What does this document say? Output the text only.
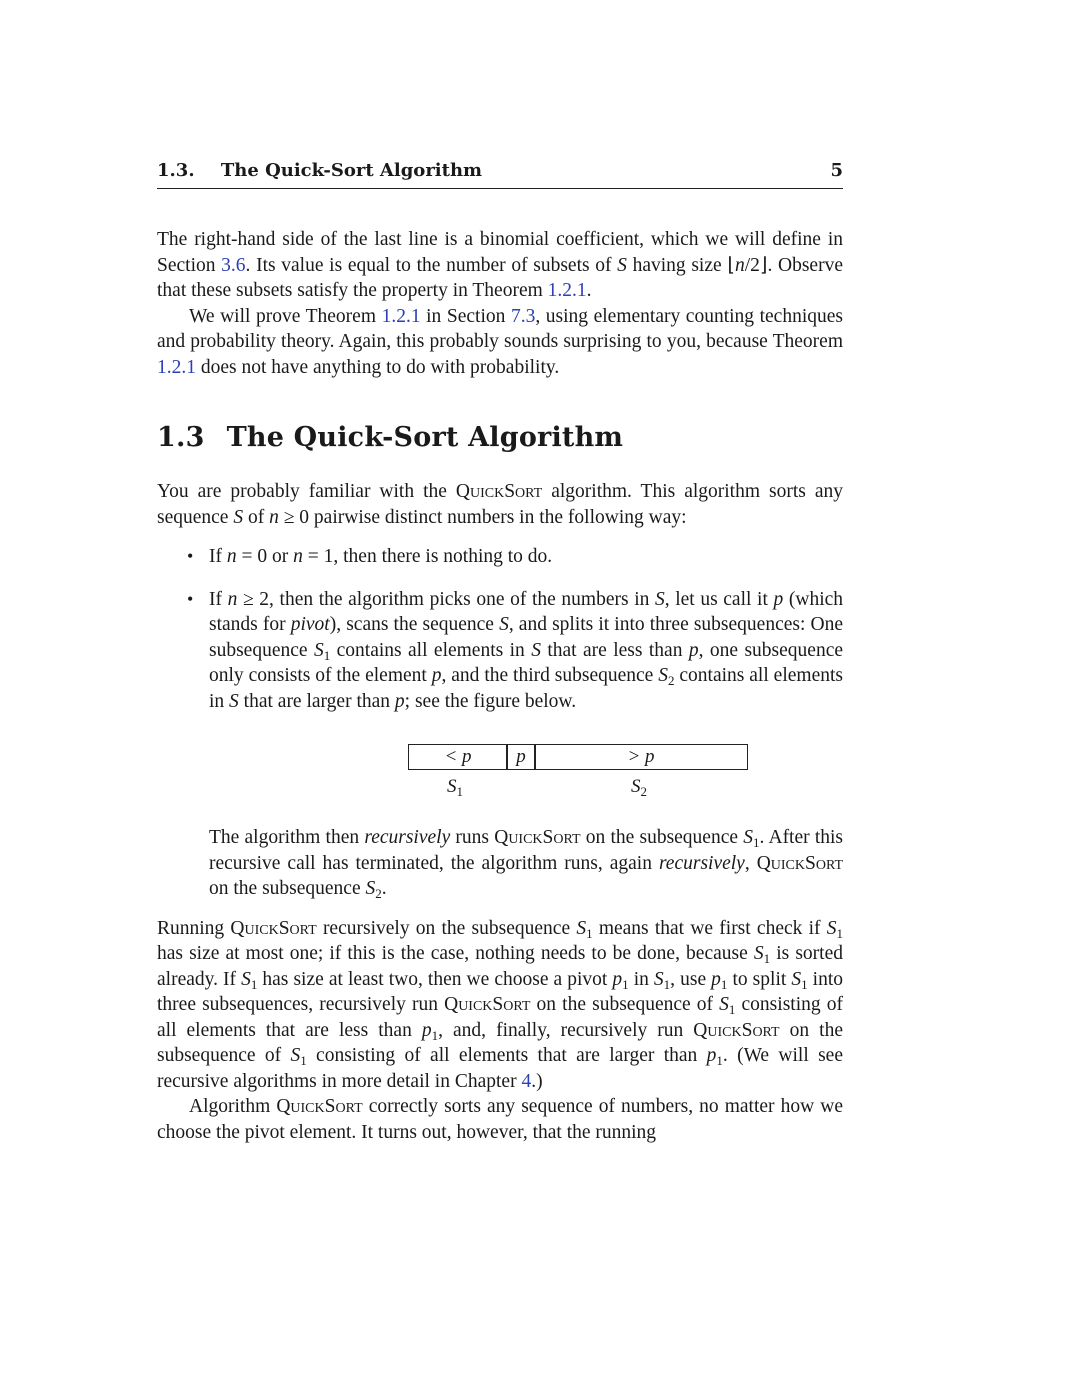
1.3. The Quick-Sort Algorithm	5

The right-hand side of the last line is a binomial coefficient, which we will define in Section 3.6. Its value is equal to the number of subsets of S having size ⌊n/2⌋. Observe that these subsets satisfy the property in Theorem 1.2.1.

We will prove Theorem 1.2.1 in Section 7.3, using elementary counting techniques and probability theory. Again, this probably sounds surprising to you, because Theorem 1.2.1 does not have anything to do with probability.

1.3 The Quick-Sort Algorithm

You are probably familiar with the QuickSort algorithm. This algorithm sorts any sequence S of n ≥ 0 pairwise distinct numbers in the following way:

• If n = 0 or n = 1, then there is nothing to do.
• If n ≥ 2, then the algorithm picks one of the numbers in S, let us call it p (which stands for pivot), scans the sequence S, and splits it into three subsequences: One subsequence $S_1$ contains all elements in S that are less than p, one subsequence only consists of the element p, and the third subsequence $S_2$ contains all elements in S that are larger than p; see the figure below.
< p p	> p
$S_1$	$S_2$

The algorithm then recursively runs QuickSort on the subsequence $S_1$. After this recursive call has terminated, the algorithm runs, again recursively, QuickSort on the subsequence $S_2$.

Running QuickSort recursively on the subsequence $S_1$ means that we first check if $S_1$ has size at most one; if this is the case, nothing needs to be done, because $S_1$ is sorted already. If $S_1$ has size at least two, then we choose a pivot $p_1$ in $S_1$, use $p_1$ to split $S_1$ into three subsequences, recursively run QuickSort on the subsequence of $S_1$ consisting of all elements that are less than $p_1$, and, finally, recursively run QuickSort on the subsequence of $S_1$ consisting of all elements that are larger than $p_1$. (We will see recursive algorithms in more detail in Chapter 4.)

Algorithm QuickSort correctly sorts any sequence of numbers, no matter how we choose the pivot element. It turns out, however, that the running
